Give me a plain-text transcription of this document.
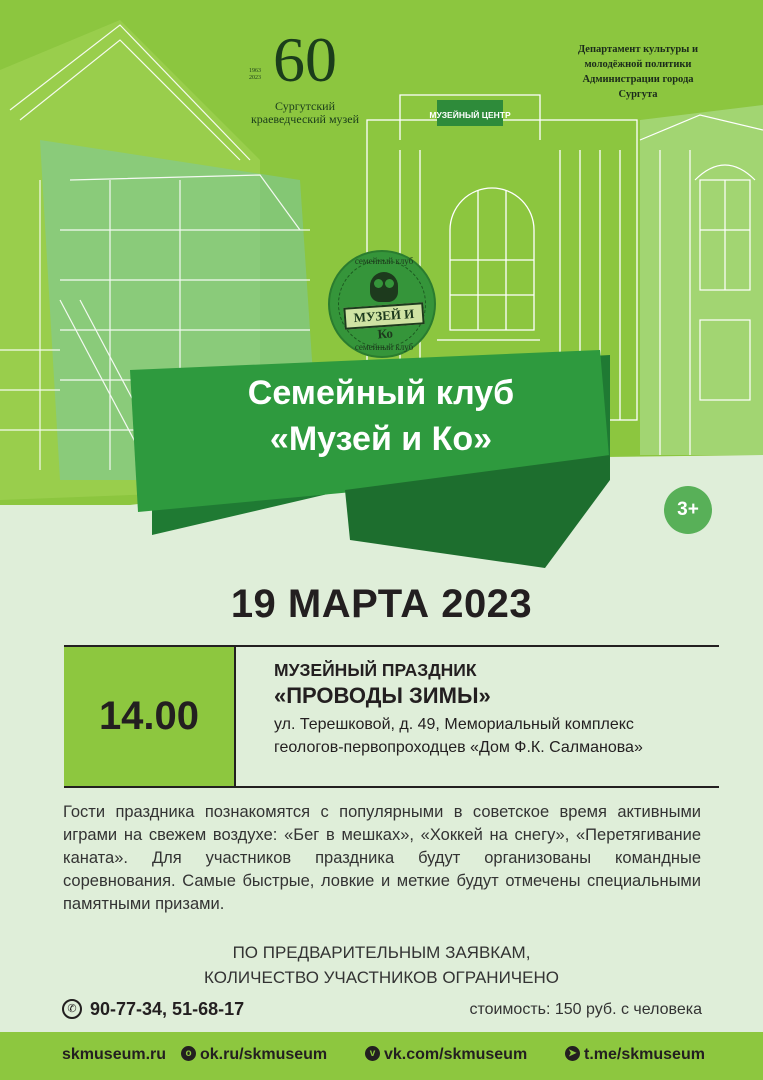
МУЗЕЙНЫЙ ЦЕНТР
60
1963
2023
Сургутский краеведческий музей
Департамент культуры и молодёжной политики Администрации города Сургута
семейный клуб
МУЗЕЙ И Ко
семейный клуб
Семейный клуб
«Музей и Ко»
3+
19 МАРТА 2023
14.00
МУЗЕЙНЫЙ ПРАЗДНИК
«ПРОВОДЫ ЗИМЫ»
ул. Терешковой, д. 49, Мемориальный комплекс
геологов-первопроходцев «Дом Ф.К. Салманова»
Гости праздника познакомятся с популярными в советское время активными играми на свежем воздухе: «Бег в мешках», «Хоккей на снегу», «Перетягивание каната». Для участников праздника будут организованы командные соревнования. Самые быстрые, ловкие и меткие будут отмечены специальными памятными призами.
ПО ПРЕДВАРИТЕЛЬНЫМ ЗАЯВКАМ,
КОЛИЧЕСТВО УЧАСТНИКОВ ОГРАНИЧЕНО
✆ 90-77-34, 51-68-17	стоимость: 150 руб. с человека
skmuseum.ru	o ok.ru/skmuseum	v vk.com/skmuseum	➤ t.me/skmuseum
